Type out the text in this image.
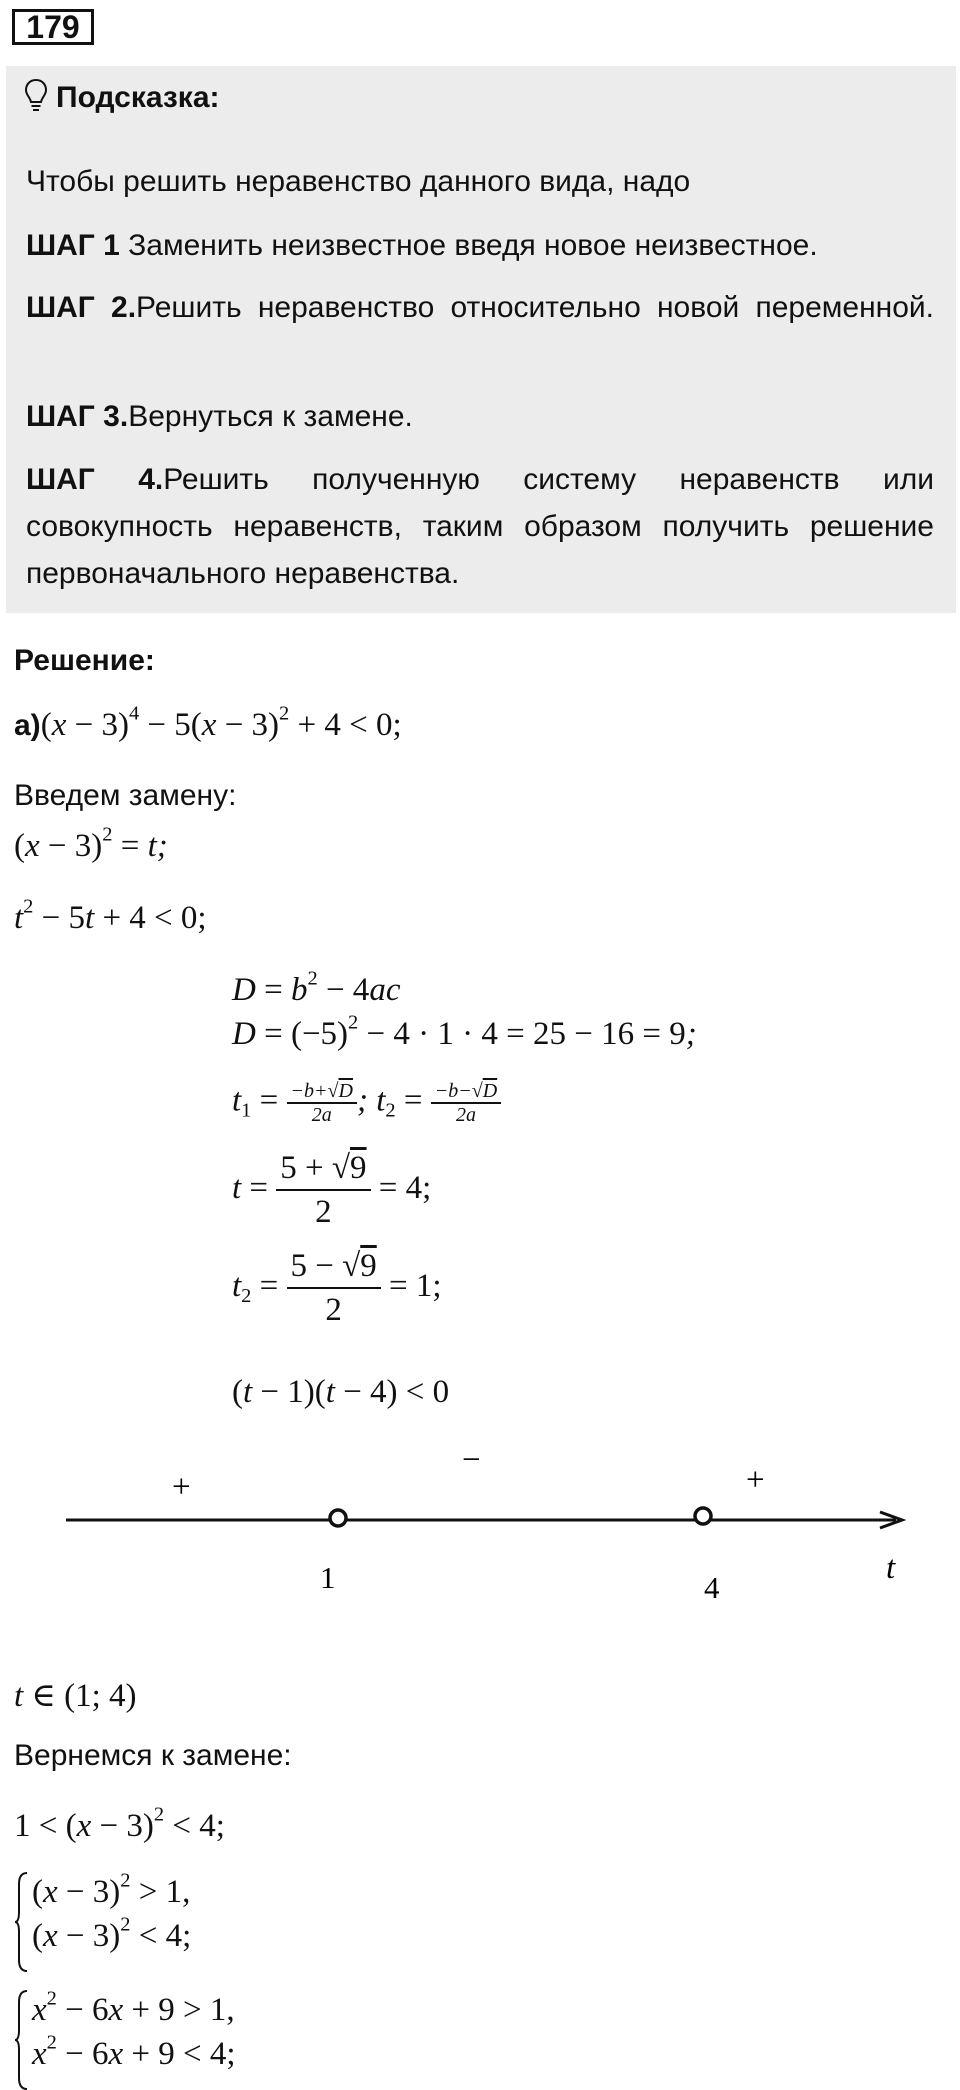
179
Подсказка:
Чтобы решить неравенство данного вида, надо
ШАГ 1 Заменить неизвестное введя новое неизвестное.
ШАГ 2.Решить неравенство относительно новой переменной.
ШАГ 3.Вернуться к замене.
ШАГ 4.Решить полученную систему неравенств или совокупность неравенств, таким образом получить решение первоначального неравенства.
Решение:
$а)(x - 3)^4 - 5(x - 3)^2 + 4 < 0$;
Введем замену:
$(x - 3)^2 = t$;
$t^2 - 5t + 4 < 0$;
$D = b^2 - 4ac$
$D = (-5)^2 - 4 \cdot 1 \cdot 4 = 25 - 16 = 9$;
$t_1 = \frac{-b+√D}{2a}$ ; $t_2 = \frac{-b-√D}{2a}$
$t = \frac{5 + √9}{2} = 4$;
$t_2 = \frac{5 - √9}{2} = 1$;
(t − 1)(t − 4) < 0
+
−
+
1	4
t
t ∈ (1; 4)
Вернемся к замене:
$1 < (x - 3)^2 < 4$;
$(x - 3)^2 > 1$,
$(x - 3)^2 < 4$;
$x^2 - 6x + 9 > 1$,
$x^2 - 6x + 9 < 4$;
